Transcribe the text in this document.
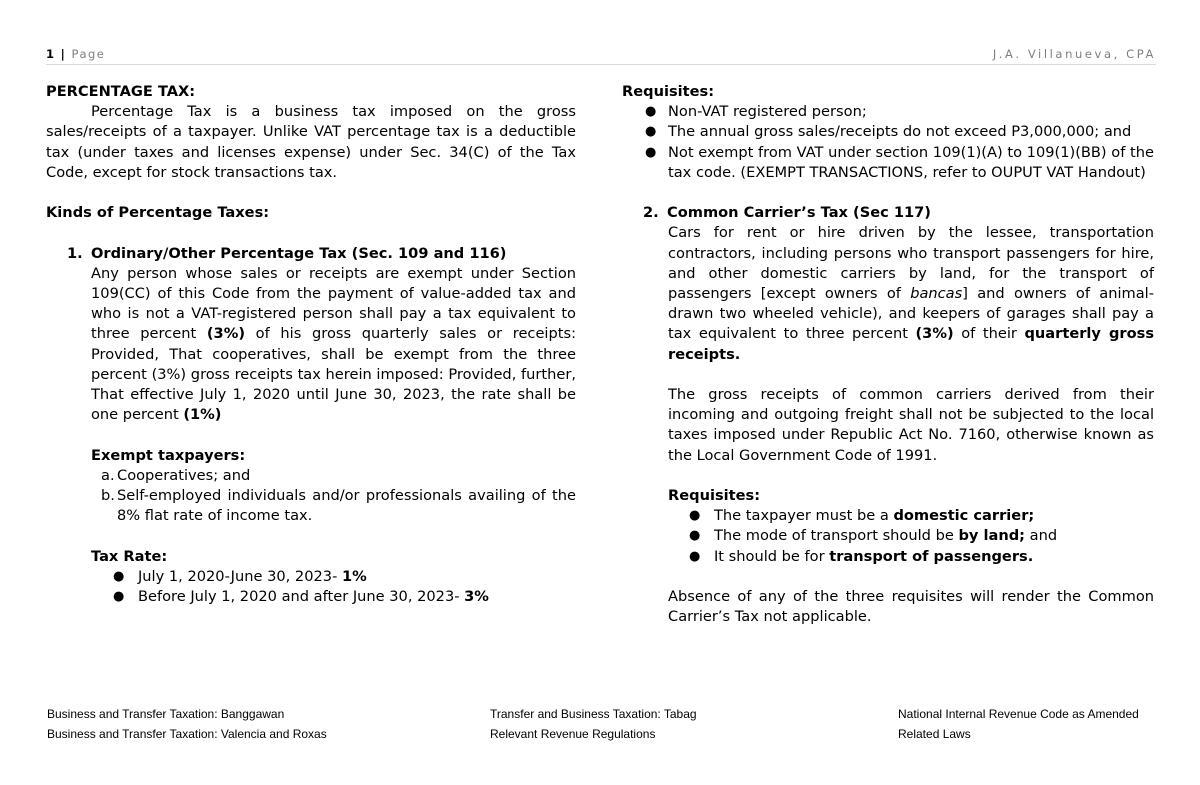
1 | Page	J.A. Villanueva, CPA

PERCENTAGE TAX:

Percentage Tax is a business tax imposed on the gross sales/receipts of a taxpayer. Unlike VAT percentage tax is a deductible tax (under taxes and licenses expense) under Sec. 34(C) of the Tax Code, except for stock transactions tax.

Kinds of Percentage Taxes:

1. Ordinary/Other Percentage Tax (Sec. 109 and 116)

Any person whose sales or receipts are exempt under Section 109(CC) of this Code from the payment of value-added tax and who is not a VAT-registered person shall pay a tax equivalent to three percent (3%) of his gross quarterly sales or receipts: Provided, That cooperatives, shall be exempt from the three percent (3%) gross receipts tax herein imposed: Provided, further, That effective July 1, 2020 until June 30, 2023, the rate shall be one percent (1%)

Exempt taxpayers:

a. Cooperatives; and

b. Self-employed individuals and/or professionals availing of the 8% flat rate of income tax.

Tax Rate:

● July 1, 2020-June 30, 2023- 1%

● Before July 1, 2020 and after June 30, 2023- 3%

Requisites:

● Non-VAT registered person;

● The annual gross sales/receipts do not exceed P3,000,000; and

● Not exempt from VAT under section 109(1)(A) to 109(1)(BB) of the tax code. (EXEMPT TRANSACTIONS, refer to OUPUT VAT Handout)

2. Common Carrier’s Tax (Sec 117)

Cars for rent or hire driven by the lessee, transportation contractors, including persons who transport passengers for hire, and other domestic carriers by land, for the transport of passengers [except owners of bancas] and owners of animal-drawn two wheeled vehicle), and keepers of garages shall pay a tax equivalent to three percent (3%) of their quarterly gross receipts.

The gross receipts of common carriers derived from their incoming and outgoing freight shall not be subjected to the local taxes imposed under Republic Act No. 7160, otherwise known as the Local Government Code of 1991.

Requisites:

● The taxpayer must be a domestic carrier;

● The mode of transport should be by land; and

● It should be for transport of passengers.

Absence of any of the three requisites will render the Common Carrier’s Tax not applicable.

Business and Transfer Taxation: Banggawan
Business and Transfer Taxation: Valencia and Roxas
Transfer and Business Taxation: Tabag
Relevant Revenue Regulations
National Internal Revenue Code as Amended
Related Laws
